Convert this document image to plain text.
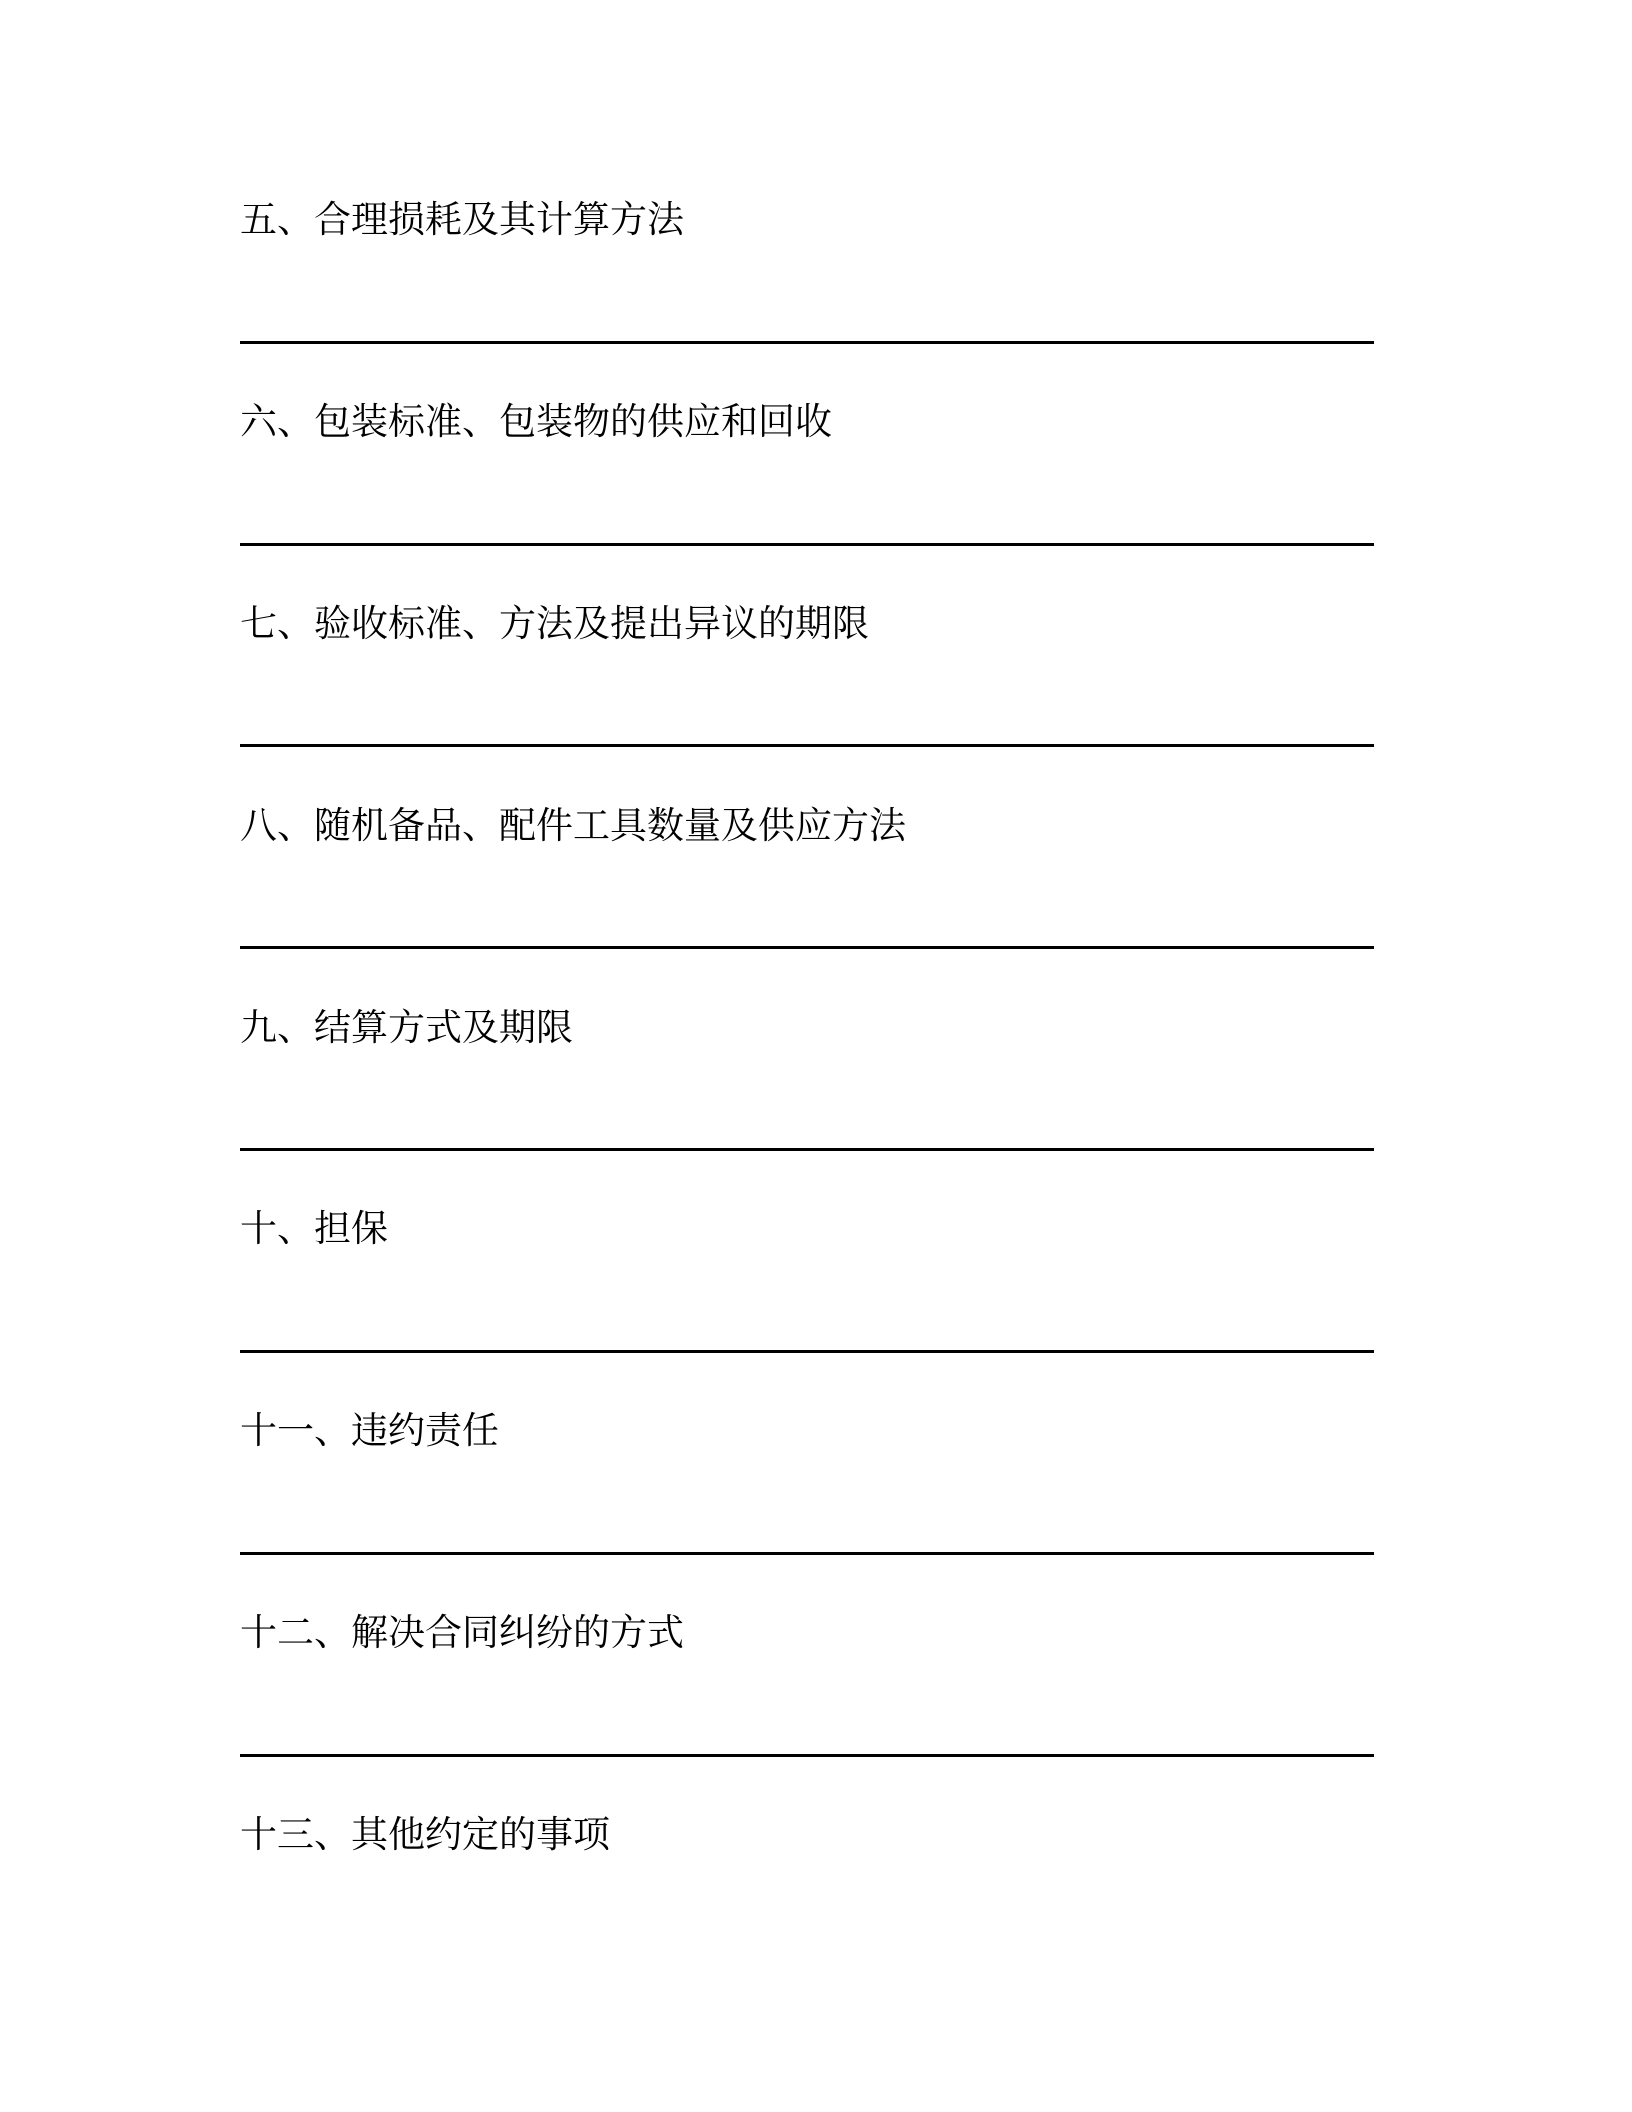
五、合理损耗及其计算方法
六、包装标准、包装物的供应和回收
七、验收标准、方法及提出异议的期限
八、随机备品、配件工具数量及供应方法
九、结算方式及期限
十、担保
十一、违约责任
十二、解决合同纠纷的方式
十三、其他约定的事项
